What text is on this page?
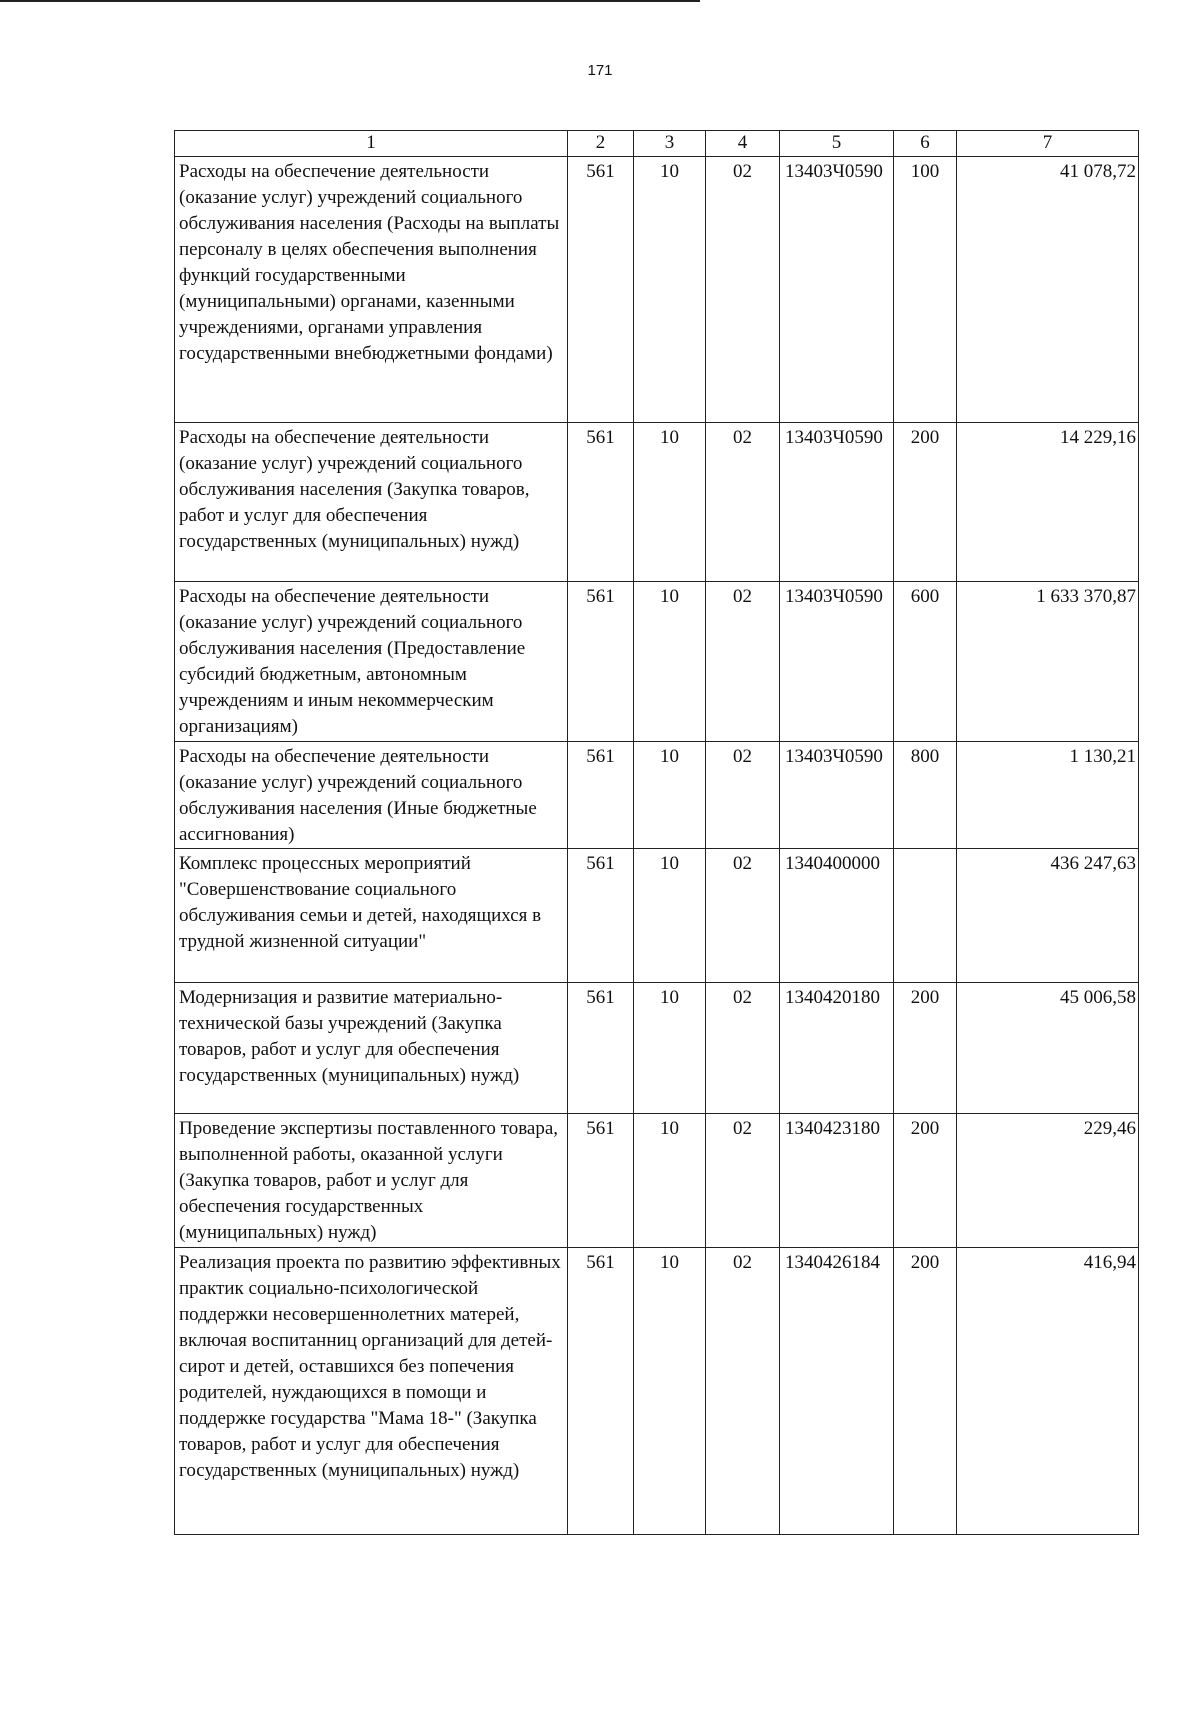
171
1	2	3	4	5	6	7
Расходы на обеспечение деятельности (оказание услуг) учреждений социального обслуживания населения (Расходы на выплаты персоналу в целях обеспечения выполнения функций государственными (муниципальными) органами, казенными учреждениями, органами управления государственными внебюджетными фондами)	561	10	02	13403Ч0590	100	41 078,72
Расходы на обеспечение деятельности (оказание услуг) учреждений социального обслуживания населения (Закупка товаров, работ и услуг для обеспечения государственных (муниципальных) нужд)	561	10	02	13403Ч0590	200	14 229,16
Расходы на обеспечение деятельности (оказание услуг) учреждений социального обслуживания населения (Предоставление субсидий бюджетным, автономным учреждениям и иным некоммерческим организациям)	561	10	02	13403Ч0590	600	1 633 370,87
Расходы на обеспечение деятельности (оказание услуг) учреждений социального обслуживания населения (Иные бюджетные ассигнования)	561	10	02	13403Ч0590	800	1 130,21
Комплекс процессных мероприятий "Совершенствование социального обслуживания семьи и детей, находящихся в трудной жизненной ситуации"	561	10	02	1340400000		436 247,63
Модернизация и развитие материально-технической базы учреждений (Закупка товаров, работ и услуг для обеспечения государственных (муниципальных) нужд)	561	10	02	1340420180	200	45 006,58
Проведение экспертизы поставленного товара, выполненной работы, оказанной услуги (Закупка товаров, работ и услуг для обеспечения государственных (муниципальных) нужд)	561	10	02	1340423180	200	229,46
Реализация проекта по развитию эффективных практик социально-психологической поддержки несовершеннолетних матерей, включая воспитанниц организаций для детей-сирот и детей, оставшихся без попечения родителей, нуждающихся в помощи и поддержке государства "Мама 18-" (Закупка товаров, работ и услуг для обеспечения государственных (муниципальных) нужд)	561	10	02	1340426184	200	416,94
